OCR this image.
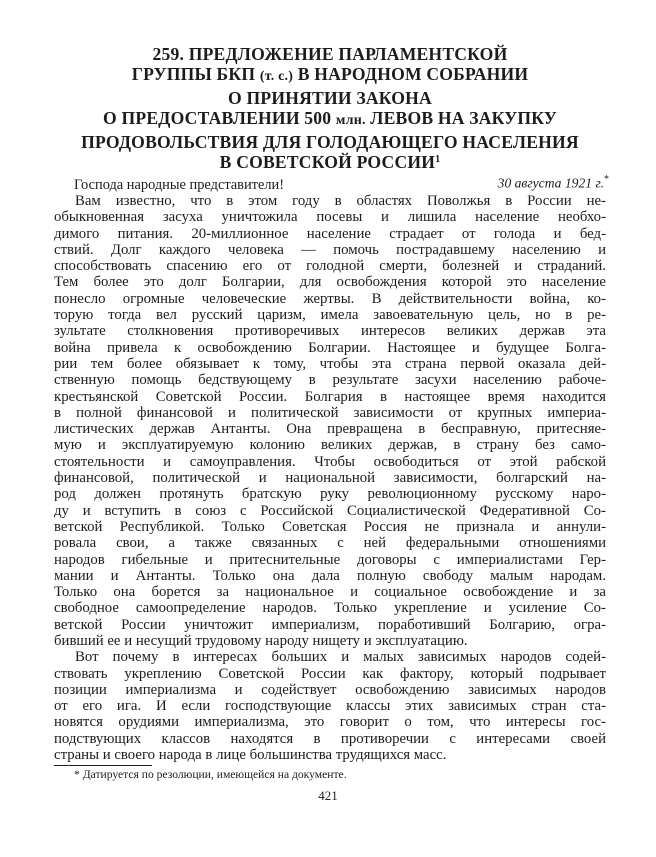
259. ПРЕДЛОЖЕНИЕ ПАРЛАМЕНТСКОЙ
ГРУППЫ БКП (т. с.) В НАРОДНОМ СОБРАНИИ
О ПРИНЯТИИ ЗАКОНА
О ПРЕДОСТАВЛЕНИИ 500 млн. ЛЕВОВ НА ЗАКУПКУ
ПРОДОВОЛЬСТВИЯ ДЛЯ ГОЛОДАЮЩЕГО НАСЕЛЕНИЯ
В СОВЕТСКОЙ РОССИИ$^1$
30 августа 1921 г.*
Господа народные представители!
Вам известно, что в этом году в областях Поволжья в России не-
обыкновенная засуха уничтожила посевы и лишила население необхо-
димого питания. 20-миллионное население страдает от голода и бед-
ствий. Долг каждого человека — помочь пострадавшему населению и
способствовать спасению его от голодной смерти, болезней и страданий.
Тем более это долг Болгарии, для освобождения которой это население
понесло огромные человеческие жертвы. В действительности война, ко-
торую тогда вел русский царизм, имела завоевательную цель, но в ре-
зультате столкновения противоречивых интересов великих держав эта
война привела к освобождению Болгарии. Настоящее и будущее Болга-
рии тем более обязывает к тому, чтобы эта страна первой оказала дей-
ственную помощь бедствующему в результате засухи населению рабоче-
крестьянской Советской России. Болгария в настоящее время находится
в полной финансовой и политической зависимости от крупных империа-
листических держав Антанты. Она превращена в бесправную, притесняе-
мую и эксплуатируемую колонию великих держав, в страну без само-
стоятельности и самоуправления. Чтобы освободиться от этой рабской
финансовой, политической и национальной зависимости, болгарский на-
род должен протянуть братскую руку революционному русскому наро-
ду и вступить в союз с Российской Социалистической Федеративной Со-
ветской Республикой. Только Советская Россия не признала и аннули-
ровала свои, а также связанных с ней федеральными отношениями
народов гибельные и притеснительные договоры с империалистами Гер-
мании и Антанты. Только она дала полную свободу малым народам.
Только она борется за национальное и социальное освобождение и за
свободное самоопределение народов. Только укрепление и усиление Со-
ветской России уничтожит империализм, поработивший Болгарию, огра-
бивший ее и несущий трудовому народу нищету и эксплуатацию.
Вот почему в интересах больших и малых зависимых народов содей-
ствовать укреплению Советской России как фактору, который подрывает
позиции империализма и содействует освобождению зависимых народов
от его ига. И если господствующие классы этих зависимых стран ста-
новятся орудиями империализма, это говорит о том, что интересы гос-
подствующих классов находятся в противоречии с интересами своей
страны и своего народа в лице большинства трудящихся масс.
* Датируется по резолюции, имеющейся на документе.
421
